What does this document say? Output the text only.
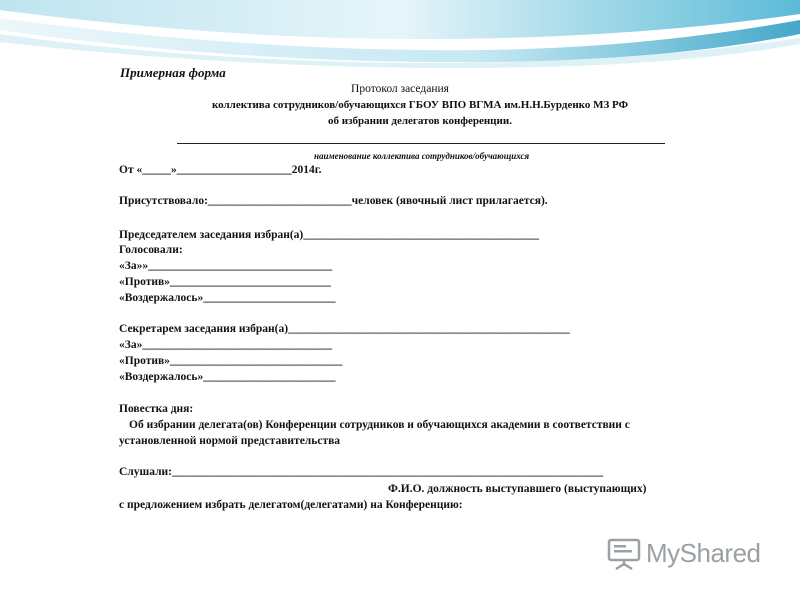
Примерная форма
Протокол заседания
коллектива сотрудников/обучающихся ГБОУ ВПО ВГМА им.Н.Н.Бурденко МЗ РФ
об избрании делегатов конференции.
наименование коллектива сотрудников/обучающихся
От «_____»____________________2014г.
Присутствовало:_________________________человек (явочный лист прилагается).
Председателем заседания избран(а)_________________________________________
Голосовали:
«За»»________________________________
«Против»____________________________
«Воздержалось»_______________________
Секретарем заседания избран(а)_________________________________________________
«За»_________________________________
«Против»______________________________
«Воздержалось»_______________________
Повестка дня:
Об избрании делегата(ов) Конференции сотрудников и обучающихся академии в соответствии с
установленной нормой представительства
Слушали:___________________________________________________________________________
Ф.И.О. должность выступавшего (выступающих)
с предложением избрать делегатом(делегатами) на Конференцию:
MyShared
